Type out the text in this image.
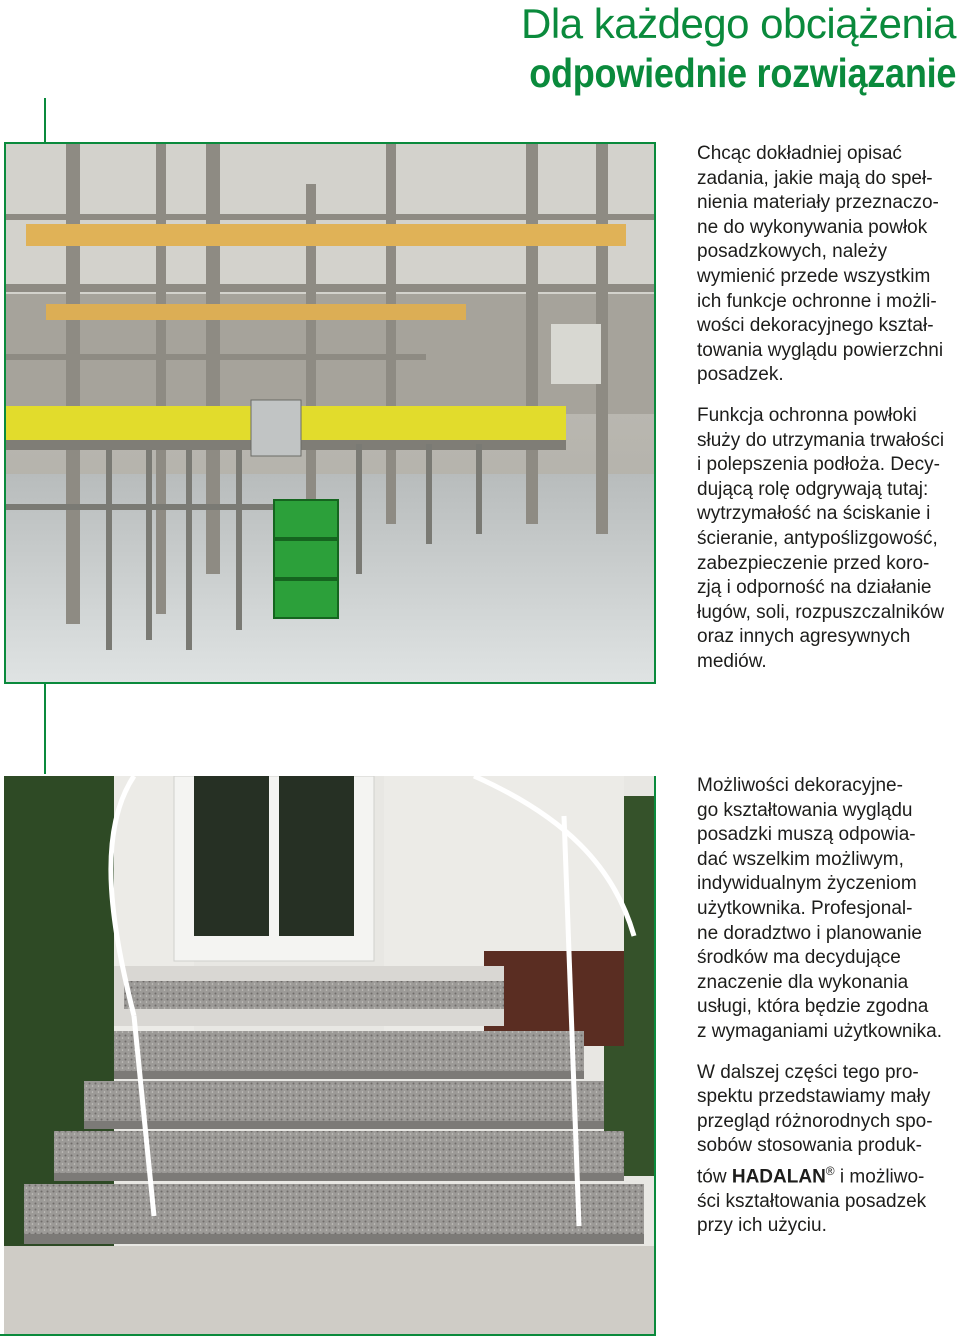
Dla każdego obciążenia
odpowiednie rozwiązanie

Chcąc dokładniej opisać
zadania, jakie mają do speł-
nienia materiały przeznaczo-
ne do wykonywania powłok
posadzkowych, należy
wymienić przede wszystkim
ich funkcje ochronne i możli-
wości dekoracyjnego kształ-
towania wyglądu powierzchni
posadzek.

Funkcja ochronna powłoki
służy do utrzymania trwałości
i polepszenia podłoża. Decy-
dującą rolę odgrywają tutaj:
wytrzymałość na ściskanie i
ścieranie, antypoślizgowość,
zabezpieczenie przed koro-
zją i odporność na działanie
ługów, soli, rozpuszczalników
oraz innych agresywnych
mediów.

Możliwości dekoracyjne-
go kształtowania wyglądu
posadzki muszą odpowia-
dać wszelkim możliwym,
indywidualnym życzeniom
użytkownika. Profesjonal-
ne doradztwo i planowanie
środków ma decydujące
znaczenie dla wykonania
usługi, która będzie zgodna
z wymaganiami użytkownika.

W dalszej części tego pro-
spektu przedstawiamy mały
przegląd różnorodnych spo-
sobów stosowania produk-
tów HADALAN® i możliwo-
ści kształtowania posadzek
przy ich użyciu.
